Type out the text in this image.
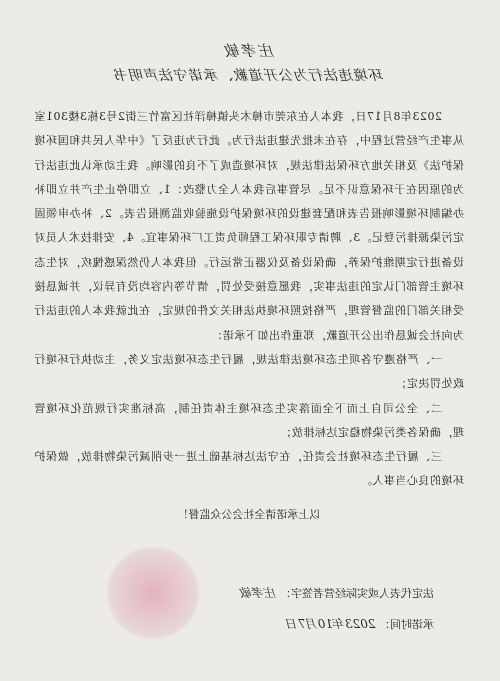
庄孝敏

环境违法行为公开道歉、承诺守法声明书

2023年8月17日，我本人在东莞市樟木头镇樟洋社区富竹三街2号3栋3楼301室从事生产经营过程中，存在未批先建违法行为。此行为违反了《中华人民共和国环境保护法》及相关地方环保法律法规，对环境造成了不良的影响。我主动承认此违法行为的原因在于环保意识不足。尽管事后我本人全力整改：1、立即停止生产并立即补办编制环境影响报告表和配套建设的环境保护设施验收监测报告表。2、补办申领固定污染源排污登记。3、聘请专职环保工程师负责工厂环保事宜。4、安排技术人员对设备进行定期维护保养，确保设备及仪器正常运行。但我本人仍然深感愧疚，对生态环境主管部门认定的违法事实，我愿意接受处罚，情节等内容均没有异议，并诚恳接受相关部门的监督管理，严格按照环境执法相关文件的规定，在此就我本人的违法行为向社会诚恳作出公开道歉，郑重作出如下承诺：

一、严格遵守各项生态环境法律法规，履行生态环境法定义务，主动执行环境行政处罚决定；

二、全公司自上而下全面落实生态环境主体责任制，高标准实行规范化环境管理，确保各类污染物稳定达标排放；

三、履行生态环境社会责任，在守法达标基础上进一步削减污染物排放，做保护环境的良心当事人。

以上承诺请全社会公众监督！

法定代表人或实际经营者签字： 庄孝敏
承诺时间： 2023年10月7日
